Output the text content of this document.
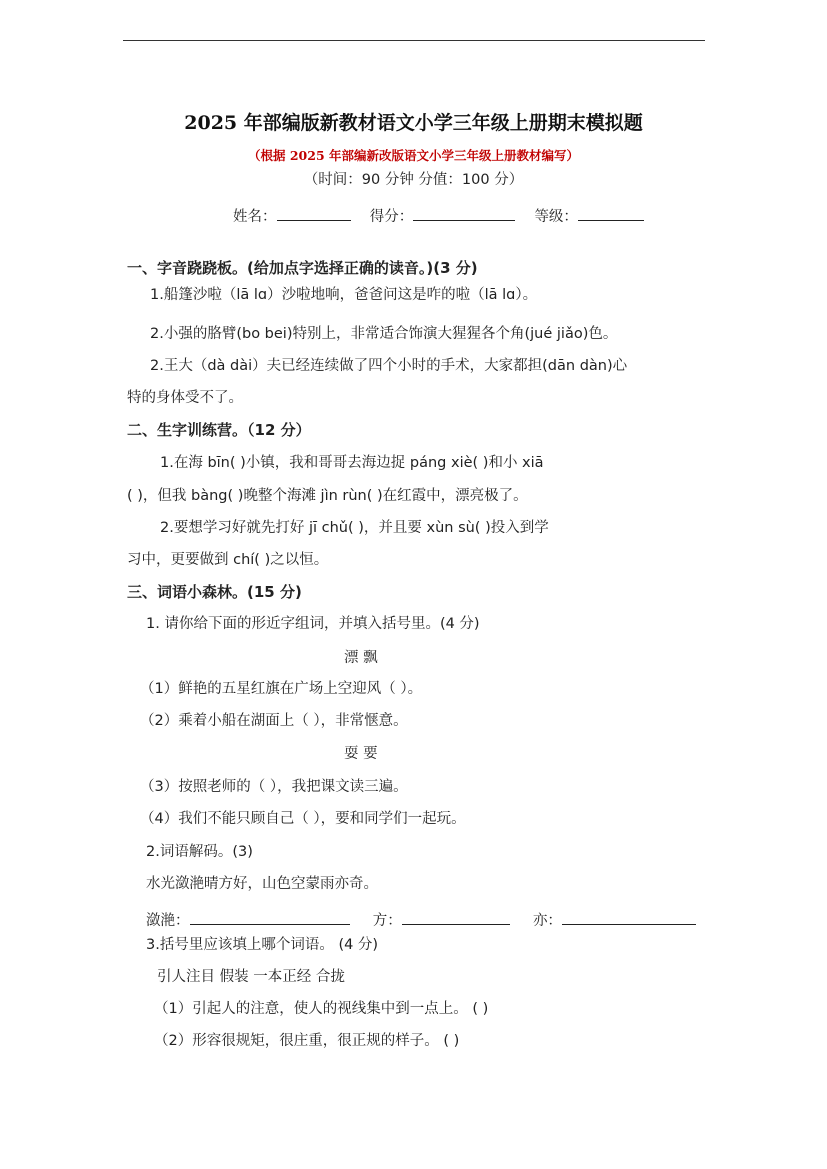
2025 年部编版新教材语文小学三年级上册期末模拟题
（根据 2025 年部编新改版语文小学三年级上册教材编写）
（时间：90 分钟 分值：100 分）
姓名：	得分：	等级：
一、字音跷跷板。(给加点字选择正确的读音。)(3 分)
1.船篷沙啦（lā lɑ）沙啦地响，爸爸问这是咋的啦（lā lɑ）。
2.小强的胳臂(bo bei)特别上，非常适合饰演大猩猩各个角(jué jiǎo)色。
2.王大（dà dài）夫已经连续做了四个小时的手术，大家都担(dān dàn)心
特的身体受不了。
二、生字训练营。（12 分）
1.在海 bīn( )小镇，我和哥哥去海边捉 páng xiè( )和小 xiā
( )，但我 bàng( )晚整个海滩 jìn rùn( )在红霞中，漂亮极了。
2.要想学习好就先打好 jī chǔ( )，并且要 xùn sù( )投入到学
习中，更要做到 chí( )之以恒。
三、词语小森林。(15 分)
1. 请你给下面的形近字组词，并填入括号里。(4 分)
漂 飘
（1）鲜艳的五星红旗在广场上空迎风（ ）。
（2）乘着小船在湖面上（ ），非常惬意。
耍 要
（3）按照老师的（ ），我把课文读三遍。
（4）我们不能只顾自己（ ），要和同学们一起玩。
2.词语解码。(3)
水光潋滟晴方好，山色空蒙雨亦奇。
潋滟：	方：	亦：
3.括号里应该填上哪个词语。 (4 分)
引人注目 假装 一本正经 合拢
（1）引起人的注意，使人的视线集中到一点上。 ( )
（2）形容很规矩，很庄重，很正规的样子。 ( )
